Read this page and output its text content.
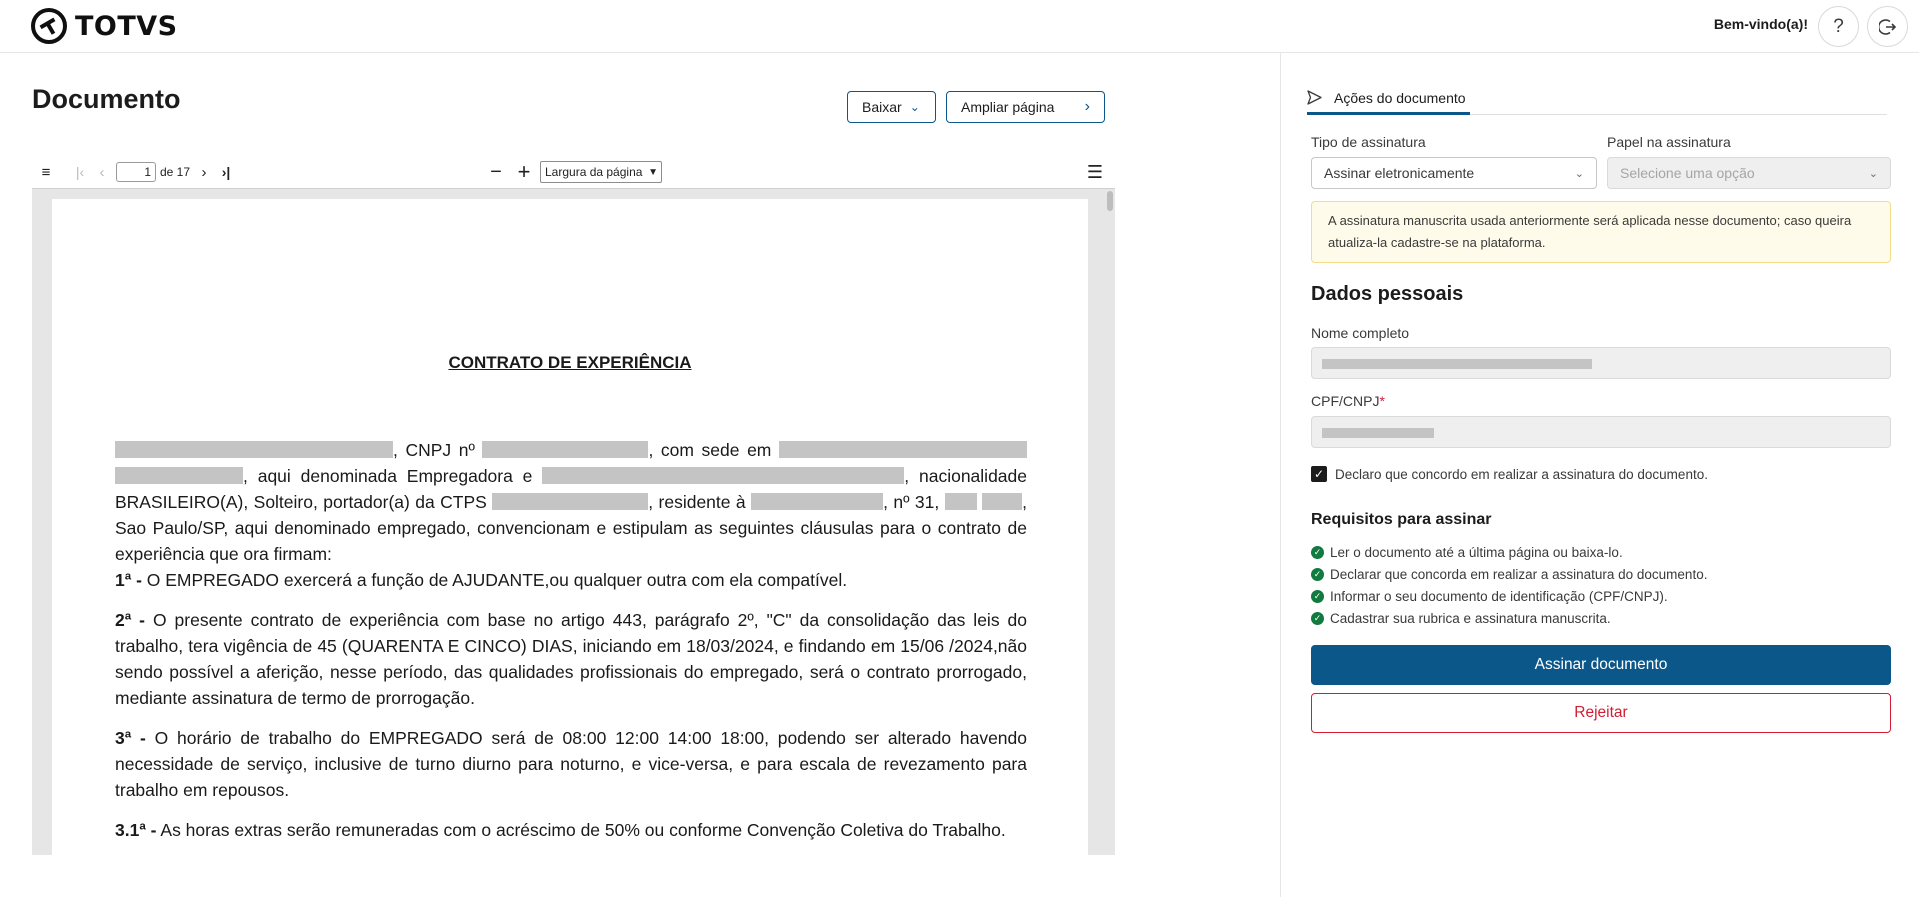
TOTVS	Bem-vindo(a)! ?
Documento	Baixar ⌄	Ampliar página ›
≡ |‹ ‹	1 de 17 › ›|	− + Largura da página ▼	☰
CONTRATO DE EXPERIÊNCIA

, CNPJ nº	, com sede em  , aqui denominada Empregadora e	, nacionalidade BRASILEIRO(A), Solteiro, portador(a) da CTPS	, residente à	, nº 31,	, Sao Paulo/SP, aqui denominado empregado, convencionam e estipulam as seguintes cláusulas para o contrato de experiência que ora firmam:

1ª - O EMPREGADO exercerá a função de AJUDANTE,ou qualquer outra com ela compatível.

2ª - O presente contrato de experiência com base no artigo 443, parágrafo 2º, "C" da consolidação das leis do trabalho, tera vigência de 45 (QUARENTA E CINCO) DIAS, iniciando em 18/03/2024, e findando em 15/06 /2024,não sendo possível a aferição, nesse período, das qualidades profissionais do empregado, será o contrato prorrogado, mediante assinatura de termo de prorrogação.

3ª - O horário de trabalho do EMPREGADO será de 08:00 12:00 14:00 18:00, podendo ser alterado havendo necessidade de serviço, inclusive de turno diurno para noturno, e vice-versa, e para escala de revezamento para trabalho em repousos.

3.1ª - As horas extras serão remuneradas com o acréscimo de 50% ou conforme Convenção Coletiva do Trabalho.

Ações do documento
Tipo de assinatura
Assinar eletronicamente	⌄
Papel na assinatura
Selecione uma opção	⌄
A assinatura manuscrita usada anteriormente será aplicada nesse documento; caso queira atualiza-la cadastre-se na plataforma.
Dados pessoais
Nome completo
CPF/CNPJ*
✓ Declaro que concordo em realizar a assinatura do documento.
Requisitos para assinar
✓ Ler o documento até a última página ou baixa-lo.
✓ Declarar que concorda em realizar a assinatura do documento.
✓ Informar o seu documento de identificação (CPF/CNPJ).
✓ Cadastrar sua rubrica e assinatura manuscrita.
Assinar documento
Rejeitar
